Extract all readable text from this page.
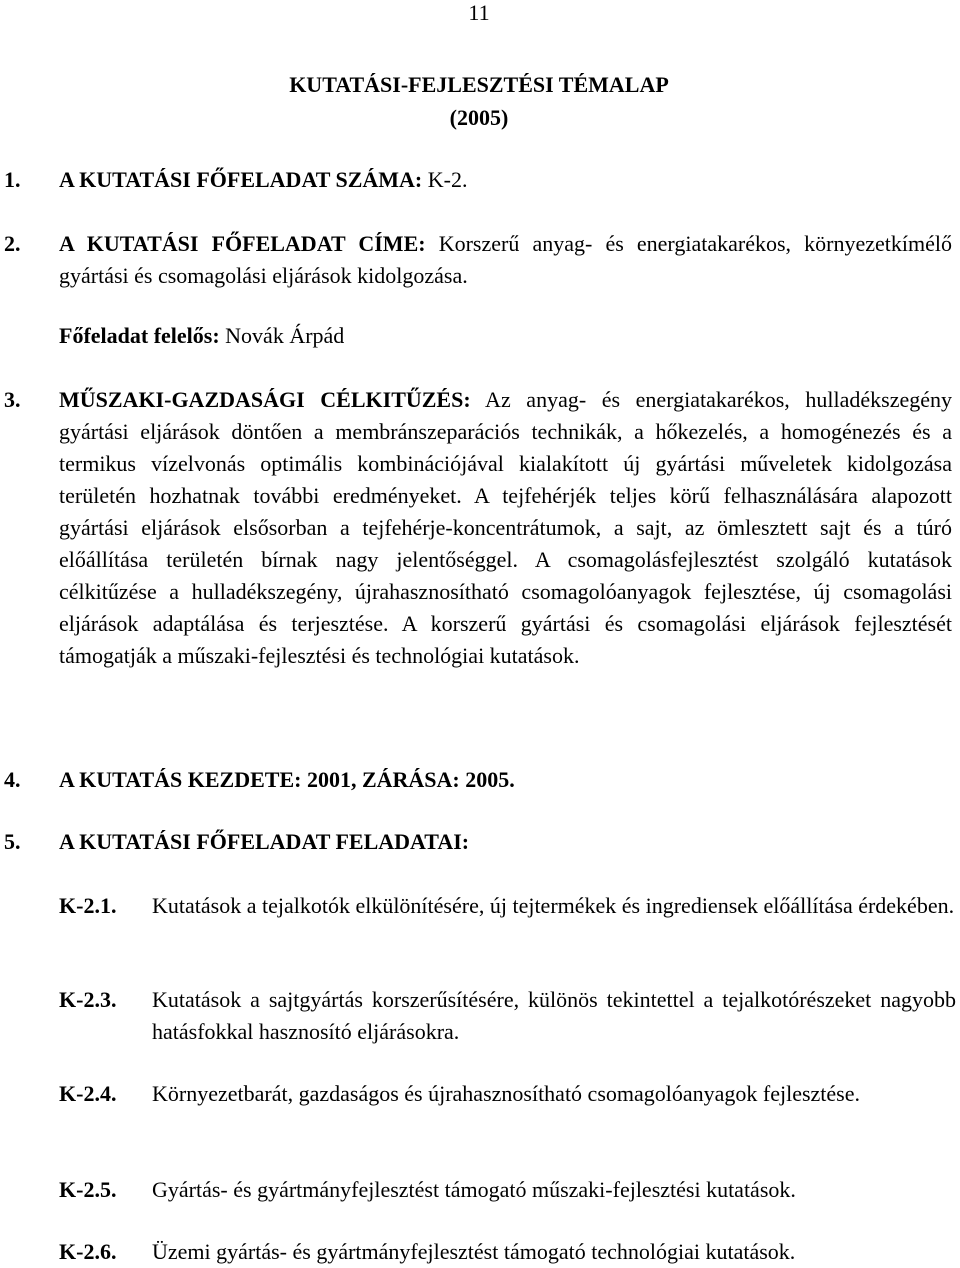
11
KUTATÁSI-FEJLESZTÉSI TÉMALAP
(2005)
1. A KUTATÁSI FŐFELADAT SZÁMA: K-2.
2. A KUTATÁSI FŐFELADAT CÍME: Korszerű anyag- és energiatakarékos, környezetkímélő gyártási és csomagolási eljárások kidolgozása.
Főfeladat felelős: Novák Árpád
3. MŰSZAKI-GAZDASÁGI CÉLKITŰZÉS: Az anyag- és energiatakarékos, hulladékszegény gyártási eljárások döntően a membránszeparációs technikák, a hőkezelés, a homogénezés és a termikus vízelvonás optimális kombinációjával kialakított új gyártási műveletek kidolgozása területén hozhatnak további eredményeket. A tejfehérjék teljes körű felhasználására alapozott gyártási eljárások elsősorban a tejfehérje-koncentrátumok, a sajt, az ömlesztett sajt és a túró előállítása területén bírnak nagy jelentőséggel. A csomagolásfejlesztést szolgáló kutatások célkitűzése a hulladékszegény, újrahasznosítható csomagolóanyagok fejlesztése, új csomagolási eljárások adaptálása és terjesztése. A korszerű gyártási és csomagolási eljárások fejlesztését támogatják a műszaki-fejlesztési és technológiai kutatások.
4. A KUTATÁS KEZDETE: 2001, ZÁRÁSA: 2005.
5. A KUTATÁSI FŐFELADAT FELADATAI:
K-2.1. Kutatások a tejalkotók elkülönítésére, új tejtermékek és ingrediensek előállítása érdekében.
K-2.3. Kutatások a sajtgyártás korszerűsítésére, különös tekintettel a tejalkotórészeket nagyobb hatásfokkal hasznosító eljárásokra.
K-2.4. Környezetbarát, gazdaságos és újrahasznosítható csomagolóanyagok fejlesztése.
K-2.5. Gyártás- és gyártmányfejlesztést támogató műszaki-fejlesztési kutatások.
K-2.6. Üzemi gyártás- és gyártmányfejlesztést támogató technológiai kutatások.
